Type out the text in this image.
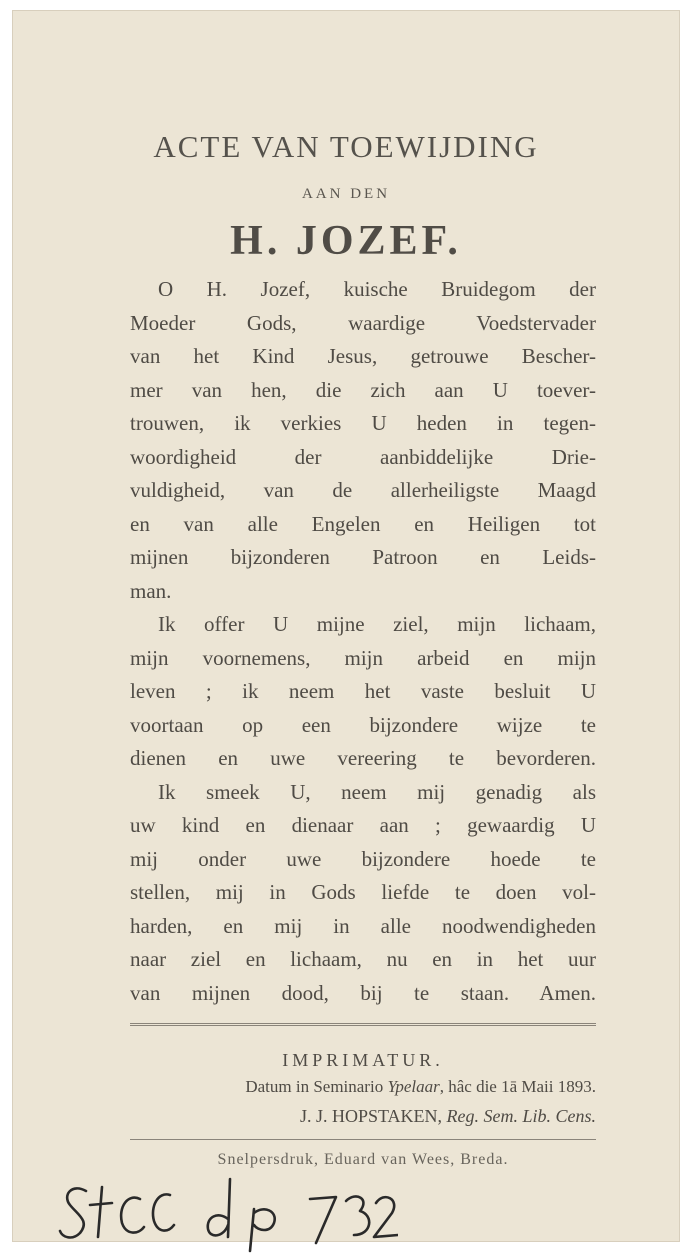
ACTE VAN TOEWIJDING
AAN DEN
H. JOZEF.
O H. Jozef, kuische Bruidegom der
Moeder Gods, waardige Voedstervader
van het Kind Jesus, getrouwe Bescher-
mer van hen, die zich aan U toever-
trouwen, ik verkies U heden in tegen-
woordigheid der aanbiddelijke Drie-
vuldigheid, van de allerheiligste Maagd
en van alle Engelen en Heiligen tot
mijnen bijzonderen Patroon en Leids-
man.
Ik offer U mijne ziel, mijn lichaam,
mijn voornemens, mijn arbeid en mijn
leven ; ik neem het vaste besluit U
voortaan op een bijzondere wijze te
dienen en uwe vereering te bevorderen.
Ik smeek U, neem mij genadig als
uw kind en dienaar aan ; gewaardig U
mij onder uwe bijzondere hoede te
stellen, mij in Gods liefde te doen vol-
harden, en mij in alle noodwendigheden
naar ziel en lichaam, nu en in het uur
van mijnen dood, bij te staan. Amen.
IMPRIMATUR.
Datum in Seminario Ypelaar, hâc die 1ā Maii 1893.
J. J. HOPSTAKEN, Reg. Sem. Lib. Cens.
Snelpersdruk, Eduard van Wees, Breda.
